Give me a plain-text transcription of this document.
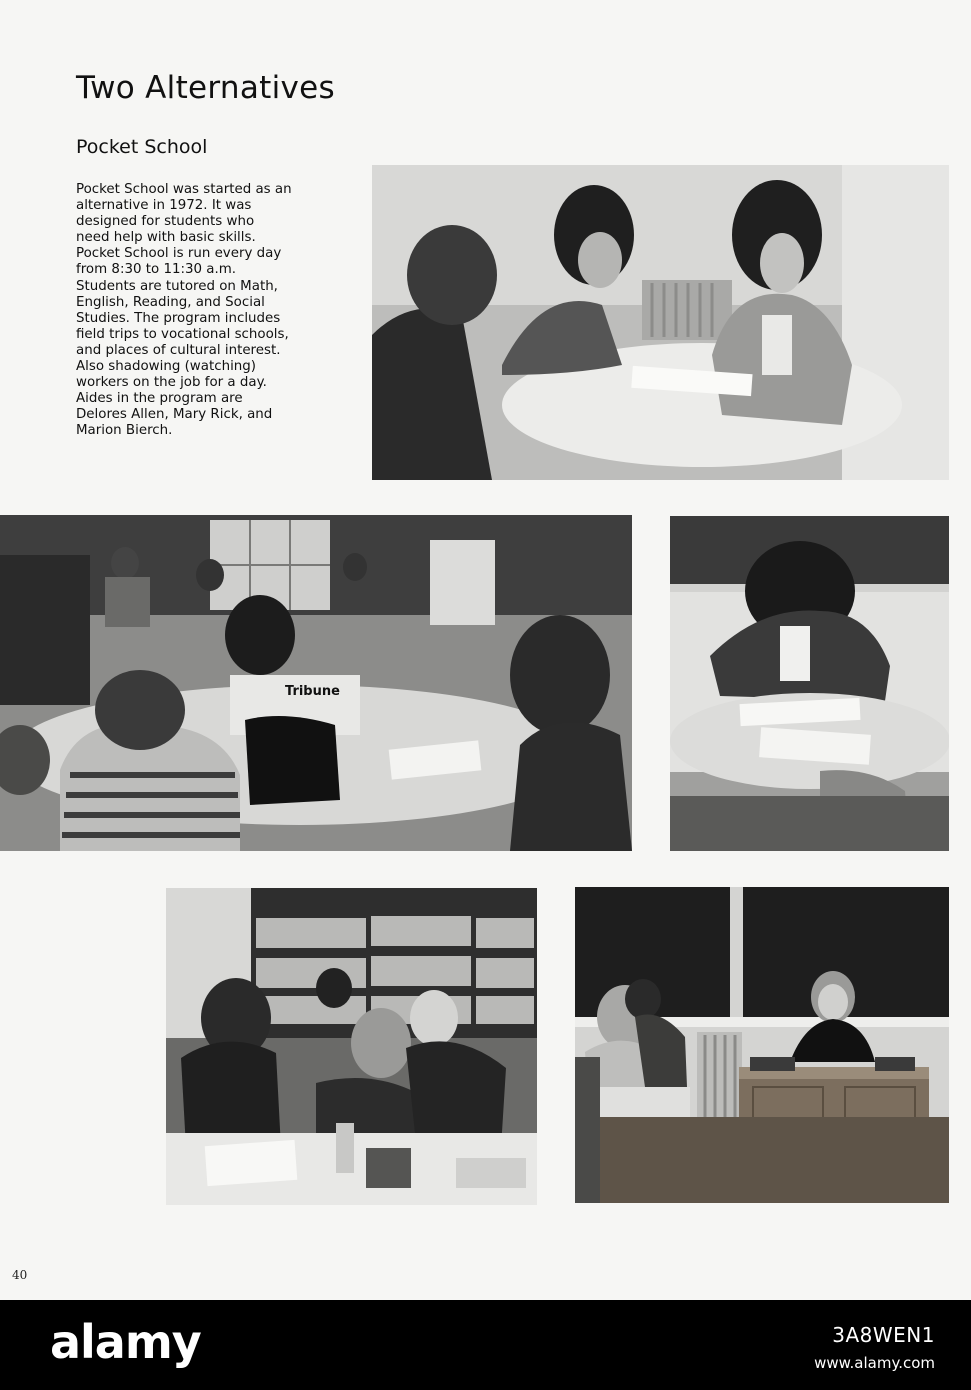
Two Alternatives
Pocket School
Pocket School was started as an
alternative in 1972. It was
designed for students who
need help with basic skills.
Pocket School is run every day
from 8:30 to 11:30 a.m.
Students are tutored on Math,
English, Reading, and Social
Studies. The program includes
field trips to vocational schools,
and places of cultural interest.
Also shadowing (watching)
workers on the job for a day.
Aides in the program are
Delores Allen, Mary Rick, and
Marion Bierch.
Tribune
40
alamy	3A8WEN1
www.alamy.com
